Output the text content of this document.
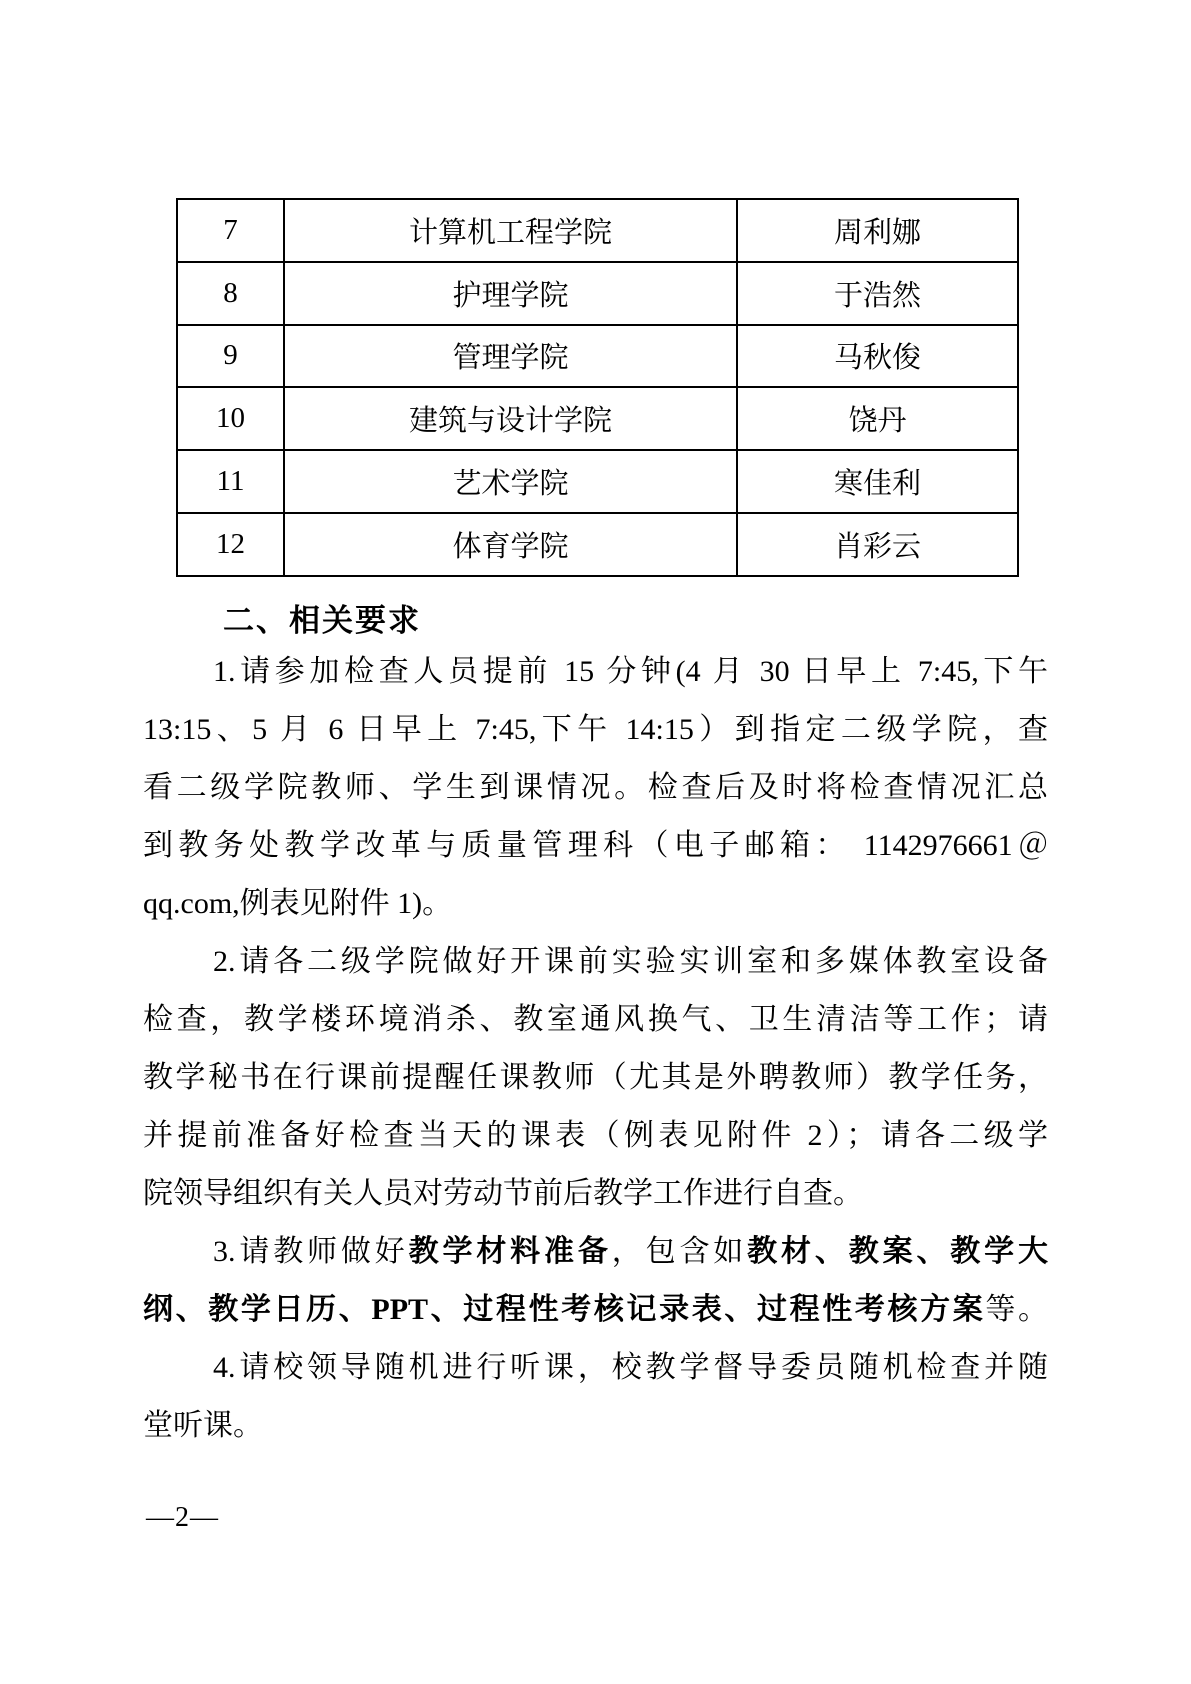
7	计算机工程学院	周利娜
8	护理学院	于浩然
9	管理学院	马秋俊
10	建筑与设计学院	饶丹
11	艺术学院	寒佳利
12	体育学院	肖彩云
二、相关要求
1.请参加检查人员提前 15 分钟(4 月 30 日早上 7:45,下午
13:15、5 月 6 日早上 7:45,下午 14:15）到指定二级学院，查
看二级学院教师、学生到课情况。检查后及时将检查情况汇总
到教务处教学改革与质量管理科（电子邮箱： 1142976661＠
qq.com,例表见附件 1)。
2.请各二级学院做好开课前实验实训室和多媒体教室设备
检查，教学楼环境消杀、教室通风换气、卫生清洁等工作；请
教学秘书在行课前提醒任课教师（尤其是外聘教师）教学任务，
并提前准备好检查当天的课表（例表见附件 2）；请各二级学
院领导组织有关人员对劳动节前后教学工作进行自查。
3.请教师做好教学材料准备，包含如教材、教案、教学大
纲、教学日历、PPT、过程性考核记录表、过程性考核方案等。
4.请校领导随机进行听课，校教学督导委员随机检查并随
堂听课。
—2—
